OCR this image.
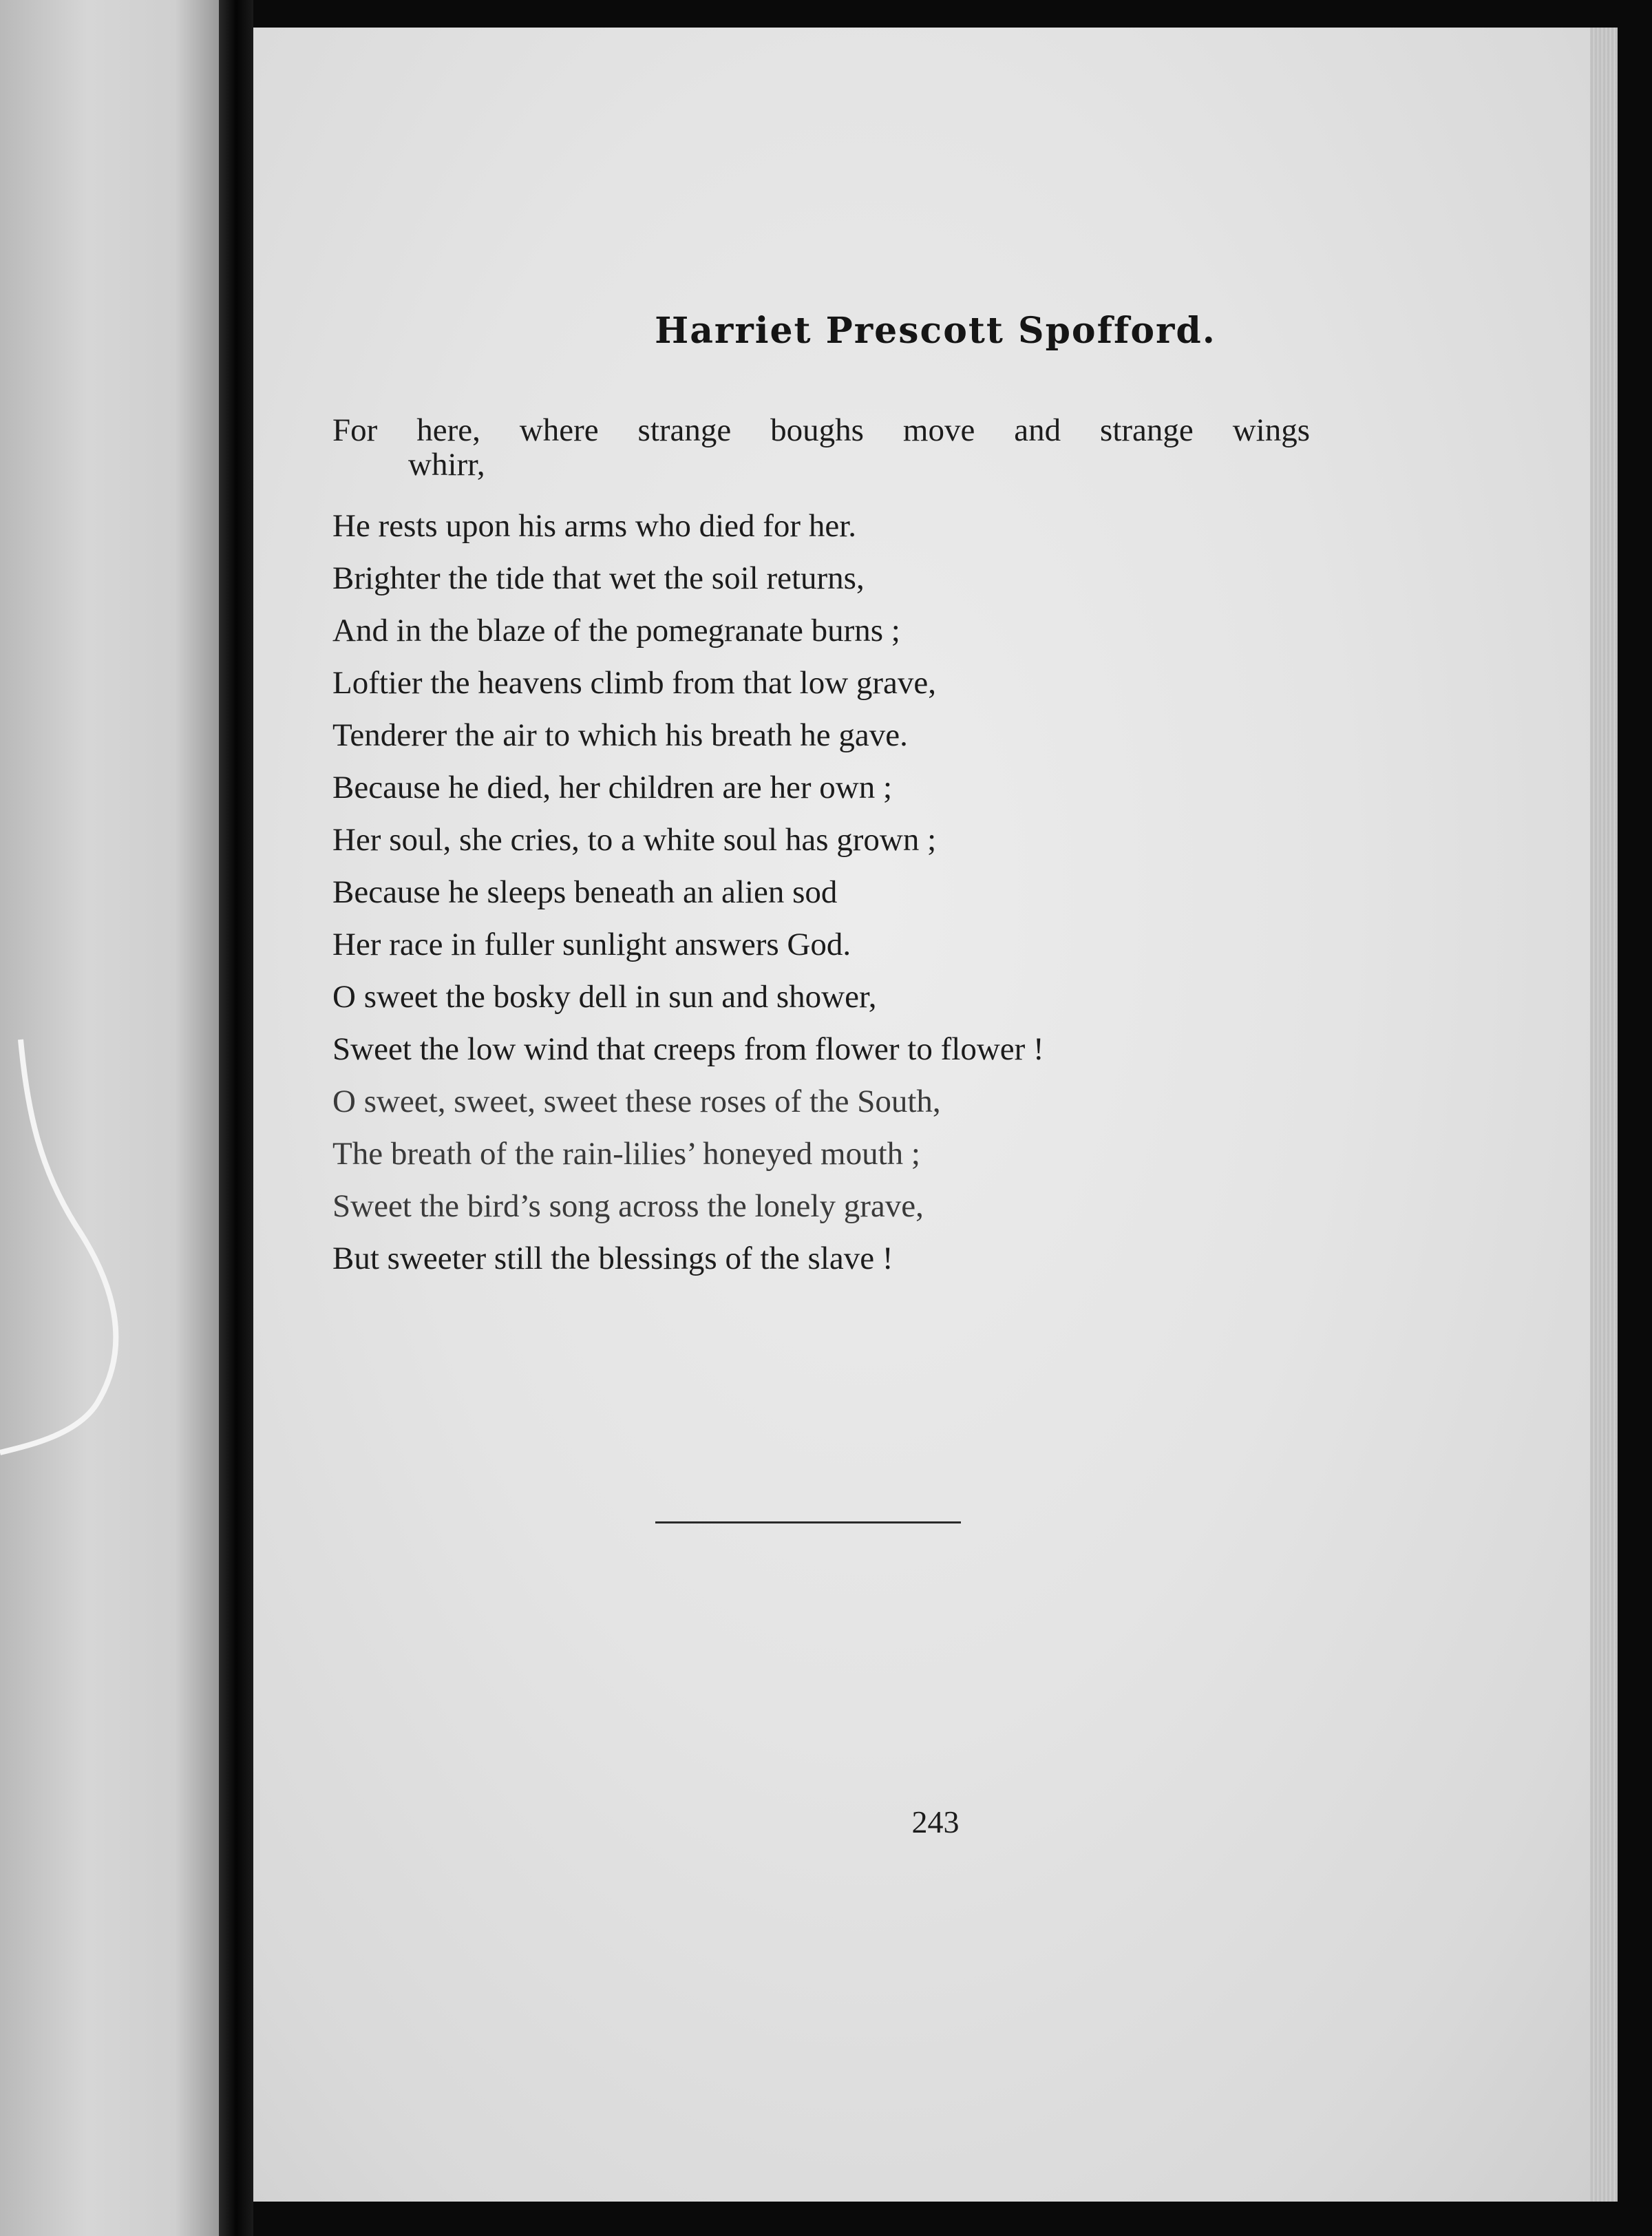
Harriet Prescott Spofford.
For here, where strange boughs move and strange wings
whirr,
He rests upon his arms who died for her.
Brighter the tide that wet the soil returns,
And in the blaze of the pomegranate burns ;
Loftier the heavens climb from that low grave,
Tenderer the air to which his breath he gave.
Because he died, her children are her own ;
Her soul, she cries, to a white soul has grown ;
Because he sleeps beneath an alien sod
Her race in fuller sunlight answers God.
O sweet the bosky dell in sun and shower,
Sweet the low wind that creeps from flower to flower !
O sweet, sweet, sweet these roses of the South,
The breath of the rain-lilies’ honeyed mouth ;
Sweet the bird’s song across the lonely grave,
But sweeter still the blessings of the slave !
243
